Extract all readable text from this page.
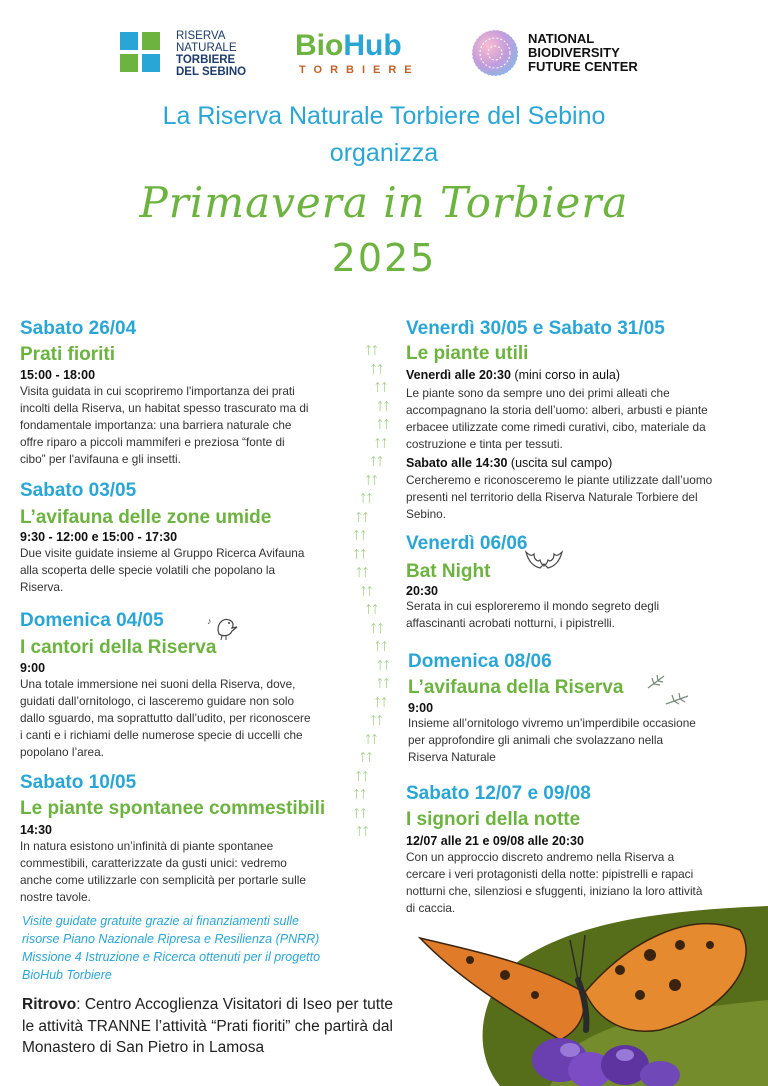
RISERVA
NATURALE
TORBIERE
DEL SEBINO
BioHub
TORBIERE
NATIONAL
BIODIVERSITY
FUTURE CENTER
La Riserva Naturale Torbiere del Sebino
organizza
Primavera in Torbiera
2025
Sabato 26/04
Prati fioriti
15:00 - 18:00
Visita guidata in cui scopriremo l'importanza dei prati
incolti della Riserva, un habitat spesso trascurato ma di
fondamentale importanza: una barriera naturale che
offre riparo a piccoli mammiferi e preziosa “fonte di
cibo” per l'avifauna e gli insetti.
Sabato 03/05
L’avifauna delle zone umide
9:30 - 12:00 e 15:00 - 17:30
Due visite guidate insieme al Gruppo Ricerca Avifauna
alla scoperta delle specie volatili che popolano la
Riserva.
Domenica 04/05	♪
I cantori della Riserva
9:00
Una totale immersione nei suoni della Riserva, dove,
guidati dall’ornitologo, ci lasceremo guidare non solo
dallo sguardo, ma soprattutto dall’udito, per riconoscere
i canti e i richiami delle numerose specie di uccelli che
popolano l’area.
Sabato 10/05
Le piante spontanee commestibili
14:30
In natura esistono un’infinità di piante spontanee
commestibili, caratterizzate da gusti unici: vedremo
anche come utilizzarle con semplicità per portarle sulle
nostre tavole.
Visite guidate gratuite grazie ai finanziamenti sulle
risorse Piano Nazionale Ripresa e Resilienza (PNRR)
Missione 4 Istruzione e Ricerca ottenuti per il progetto
BioHub Torbiere
Ritrovo: Centro Accoglienza Visitatori di Iseo per tutte
le attività TRANNE l’attività “Prati fioriti” che partirà dal
Monastero di San Pietro in Lamosa
ᛏᛏ
ᛏᛏ
ᛏᛏ
ᛏᛏ
ᛏᛏ
ᛏᛏ
ᛏᛏ
ᛏᛏ
ᛏᛏ
ᛏᛏ
ᛏᛏ
ᛏᛏ
ᛏᛏ
ᛏᛏ
ᛏᛏ
ᛏᛏ
ᛏᛏ
ᛏᛏ
ᛏᛏ
ᛏᛏ
ᛏᛏ
ᛏᛏ
ᛏᛏ
ᛏᛏ
ᛏᛏ
ᛏᛏ
ᛏᛏ
Venerdì 30/05 e Sabato 31/05
Le piante utili
Venerdì alle 20:30 (mini corso in aula)
Le piante sono da sempre uno dei primi alleati che
accompagnano la storia dell’uomo: alberi, arbusti e piante
erbacee utilizzate come rimedi curativi, cibo, materiale da
costruzione e tinta per tessuti.
Sabato alle 14:30 (uscita sul campo)
Cercheremo e riconosceremo le piante utilizzate dall’uomo
presenti nel territorio della Riserva Naturale Torbiere del
Sebino.
Venerdì 06/06
Bat Night
20:30
Serata in cui esploreremo il mondo segreto degli
affascinanti acrobati notturni, i pipistrelli.
Domenica 08/06
L’avifauna della Riserva
9:00
Insieme all’ornitologo vivremo un’imperdibile occasione
per approfondire gli animali che svolazzano nella
Riserva Naturale
Sabato 12/07 e 09/08
I signori della notte
12/07 alle 21 e 09/08 alle 20:30
Con un approccio discreto andremo nella Riserva a
cercare i veri protagonisti della notte: pipistrelli e rapaci
notturni che, silenziosi e sfuggenti, iniziano la loro attività
di caccia.
